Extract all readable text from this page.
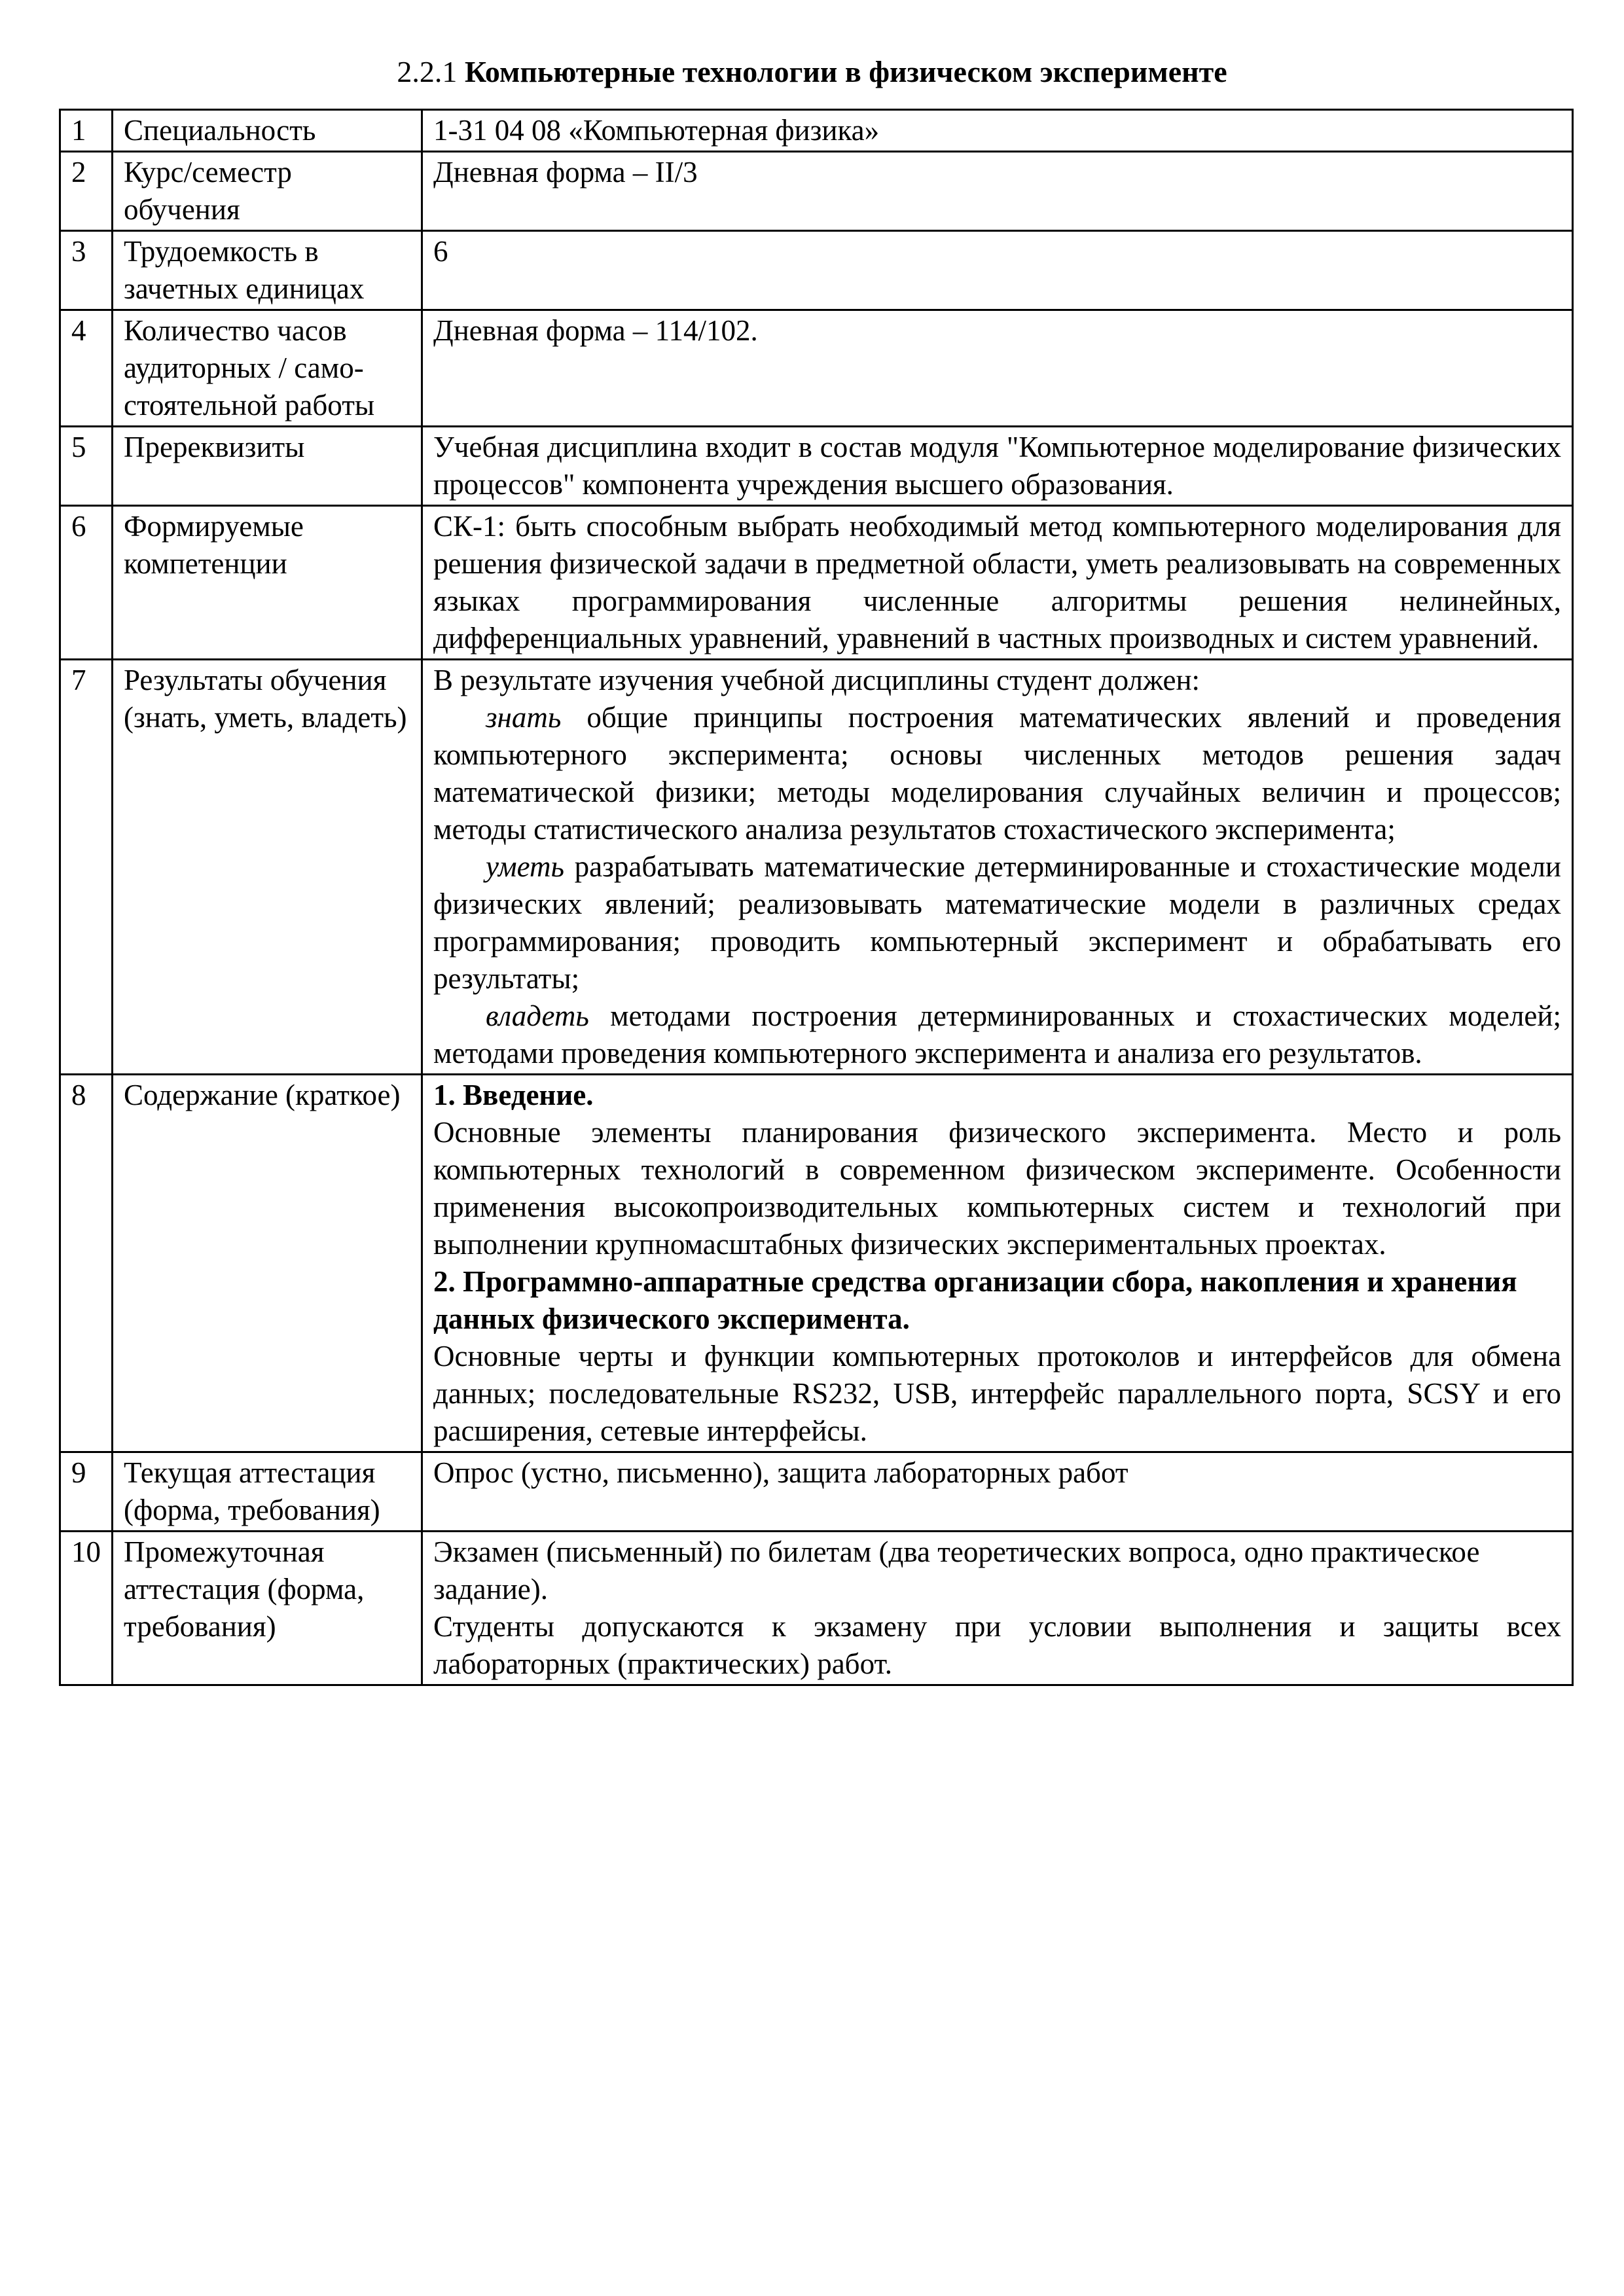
2.2.1 Компьютерные технологии в физическом эксперименте
1	Специальность	1-31 04 08 «Компьютерная физика»
2	Курс/семестр обучения	Дневная форма – II/3
3	Трудоемкость в зачетных единицах	6
4	Количество часов аудиторных / само-стоятельной работы	Дневная форма – 114/102.
5	Пререквизиты	Учебная дисциплина входит в состав модуля "Компьютерное моделирование физических процессов" компонента учреждения высшего образования.
6	Формируемые компетенции	СК-1: быть способным выбрать необходимый метод компьютерного моделирования для решения физической задачи в предметной области, уметь реализовывать на современных языках программирования численные алгоритмы решения нелинейных, дифференциальных уравнений, уравнений в частных производных и систем уравнений.
7	Результаты обучения (знать, уметь, владеть)	В результате изучения учебной дисциплины студент должен:

знать общие принципы построения математических явлений и проведения компьютерного эксперимента; основы численных методов решения задач математической физики; методы моделирования случайных величин и процессов; методы статистического анализа результатов стохастического эксперимента;

уметь разрабатывать математические детерминированные и стохастические модели физических явлений; реализовывать математические модели в различных средах программирования; проводить компьютерный эксперимент и обрабатывать его результаты;

владеть методами построения детерминированных и стохастических моделей; методами проведения компьютерного эксперимента и анализа его результатов.

8	Содержание (краткое)	1. Введение.

Основные элементы планирования физического эксперимента. Место и роль компьютерных технологий в современном физическом эксперименте. Особенности применения высокопроизводительных компьютерных систем и технологий при выполнении крупномасштабных физических экспериментальных проектах.

2. Программно-аппаратные средства организации сбора, накопления и хранения данных физического эксперимента.

Основные черты и функции компьютерных протоколов и интерфейсов для обмена данных; последовательные RS232, USB, интерфейс параллельного порта, SCSY и его расширения, сетевые интерфейсы.

9	Текущая аттестация (форма, требования)	Опрос (устно, письменно), защита лабораторных работ
10	Промежуточная аттестация (форма, требования)	Экзамен (письменный) по билетам (два теоретических вопроса, одно практическое задание).

Студенты допускаются к экзамену при условии выполнения и защиты всех лабораторных (практических) работ.
